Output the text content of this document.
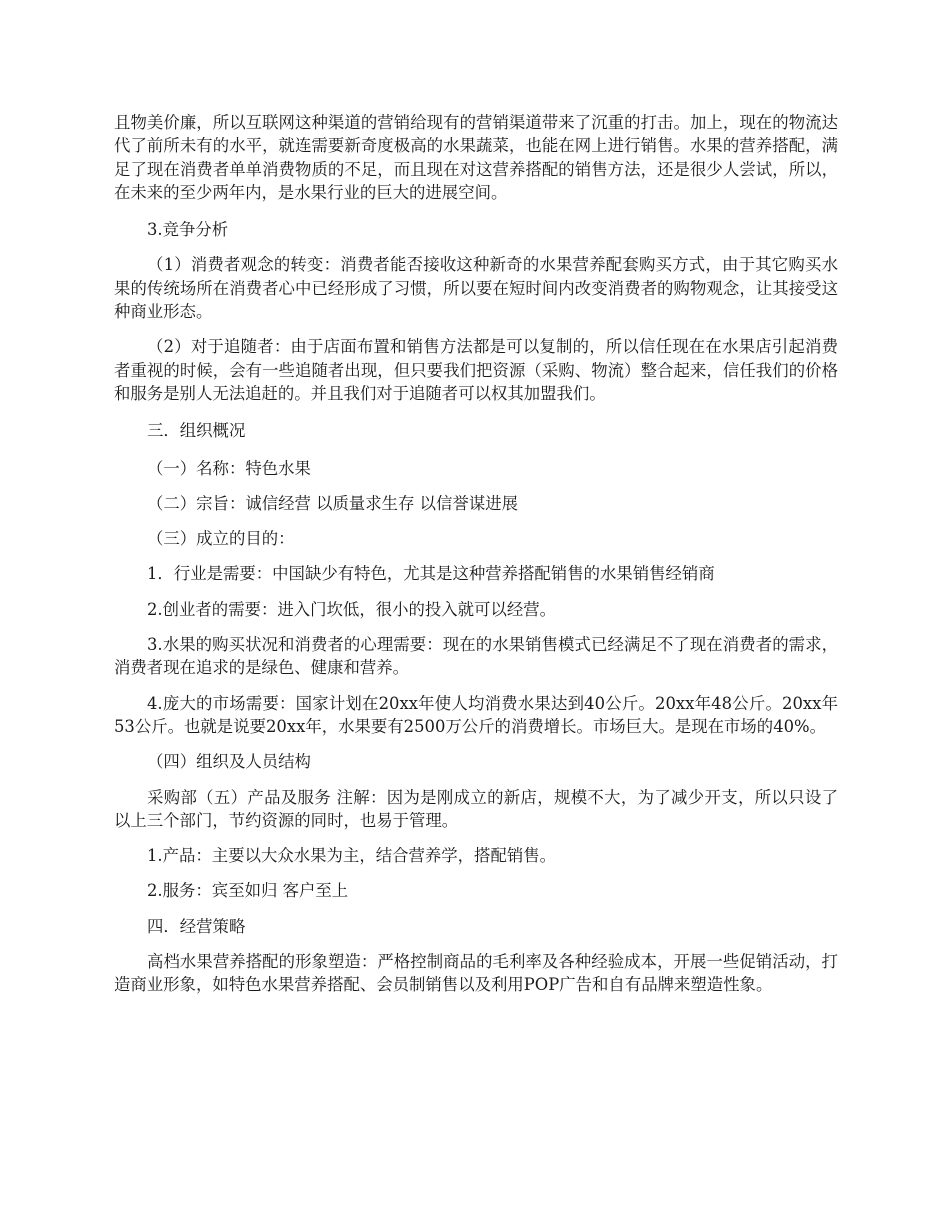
且物美价廉，所以互联网这种渠道的营销给现有的营销渠道带来了沉重的打击。加上，现在的物流达代了前所未有的水平，就连需要新奇度极高的水果蔬菜，也能在网上进行销售。水果的营养搭配，满足了现在消费者单单消费物质的不足，而且现在对这营养搭配的销售方法，还是很少人尝试，所以，在未来的至少两年内，是水果行业的巨大的进展空间。

3.竞争分析

（1）消费者观念的转变：消费者能否接收这种新奇的水果营养配套购买方式，由于其它购买水果的传统场所在消费者心中已经形成了习惯，所以要在短时间内改变消费者的购物观念，让其接受这种商业形态。

（2）对于追随者：由于店面布置和销售方法都是可以复制的，所以信任现在在水果店引起消费者重视的时候，会有一些追随者出现，但只要我们把资源（采购、物流）整合起来，信任我们的价格和服务是别人无法追赶的。并且我们对于追随者可以权其加盟我们。

三．组织概况

（一）名称：特色水果

（二）宗旨：诚信经营 以质量求生存 以信誉谋进展

（三）成立的目的：

1．行业是需要：中国缺少有特色，尤其是这种营养搭配销售的水果销售经销商

2.创业者的需要：进入门坎低，很小的投入就可以经营。

3.水果的购买状况和消费者的心理需要：现在的水果销售模式已经满足不了现在消费者的需求，消费者现在追求的是绿色、健康和营养。

4.庞大的市场需要：国家计划在20xx年使人均消费水果达到40公斤。20xx年48公斤。20xx年53公斤。也就是说要20xx年，水果要有2500万公斤的消费增长。市场巨大。是现在市场的40%。

（四）组织及人员结构

采购部（五）产品及服务 注解：因为是刚成立的新店，规模不大，为了减少开支，所以只设了以上三个部门，节约资源的同时，也易于管理。

1.产品：主要以大众水果为主，结合营养学，搭配销售。

2.服务：宾至如归 客户至上

四．经营策略

高档水果营养搭配的形象塑造：严格控制商品的毛利率及各种经验成本，开展一些促销活动，打造商业形象，如特色水果营养搭配、会员制销售以及利用POP广告和自有品牌来塑造性象。
